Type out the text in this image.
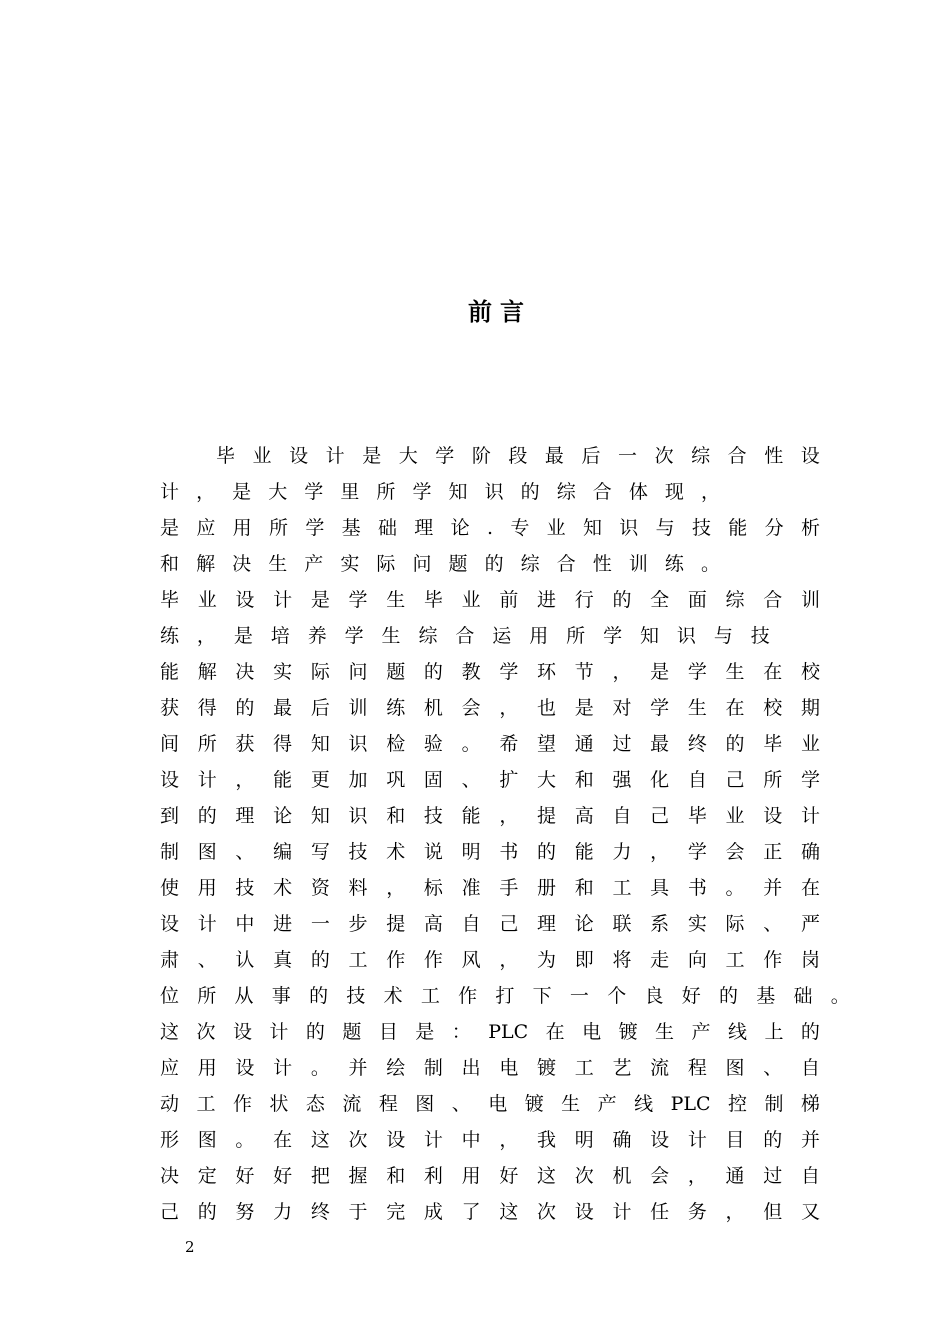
前言
毕 业 设 计 是 大 学 阶 段 最 后 一 次 综 合 性 设
计 ， 是 大 学 里 所 学 知 识 的 综 合 体 现 ，
是 应 用 所 学 基 础 理 论 . 专 业 知 识 与 技 能 分 析
和 解 决 生 产 实 际 问 题 的 综 合 性 训 练 。
毕 业 设 计 是 学 生 毕 业 前 进 行 的 全 面 综 合 训
练 ， 是 培 养 学 生 综 合 运 用 所 学 知 识 与 技
能 解 决 实 际 问 题 的 教 学 环 节 ， 是 学 生 在 校
获 得 的 最 后 训 练 机 会 ， 也 是 对 学 生 在 校 期
间 所 获 得 知 识 检 验 。 希 望 通 过 最 终 的 毕 业
设 计 ， 能 更 加 巩 固 、 扩 大 和 强 化 自 己 所 学
到 的 理 论 知 识 和 技 能 ， 提 高 自 己 毕 业 设 计
制 图 、 编 写 技 术 说 明 书 的 能 力 ， 学 会 正 确
使 用 技 术 资 料 ， 标 准 手 册 和 工 具 书 。 并 在
设 计 中 进 一 步 提 高 自 己 理 论 联 系 实 际 、 严
肃 、 认 真 的 工 作 作 风 ， 为 即 将 走 向 工 作 岗
位 所 从 事 的 技 术 工 作 打 下 一 个 良 好 的 基 础 。
这 次 设 计 的 题 目 是 ： PLC 在 电 镀 生 产 线 上 的
应 用 设 计 。 并 绘 制 出 电 镀 工 艺 流 程 图 、 自
动 工 作 状 态 流 程 图 、 电 镀 生 产 线 PLC 控 制 梯
形 图 。 在 这 次 设 计 中 ， 我 明 确 设 计 目 的 并
决 定 好 好 把 握 和 利 用 好 这 次 机 会 ， 通 过 自
己 的 努 力 终 于 完 成 了 这 次 设 计 任 务 ， 但 又
2
